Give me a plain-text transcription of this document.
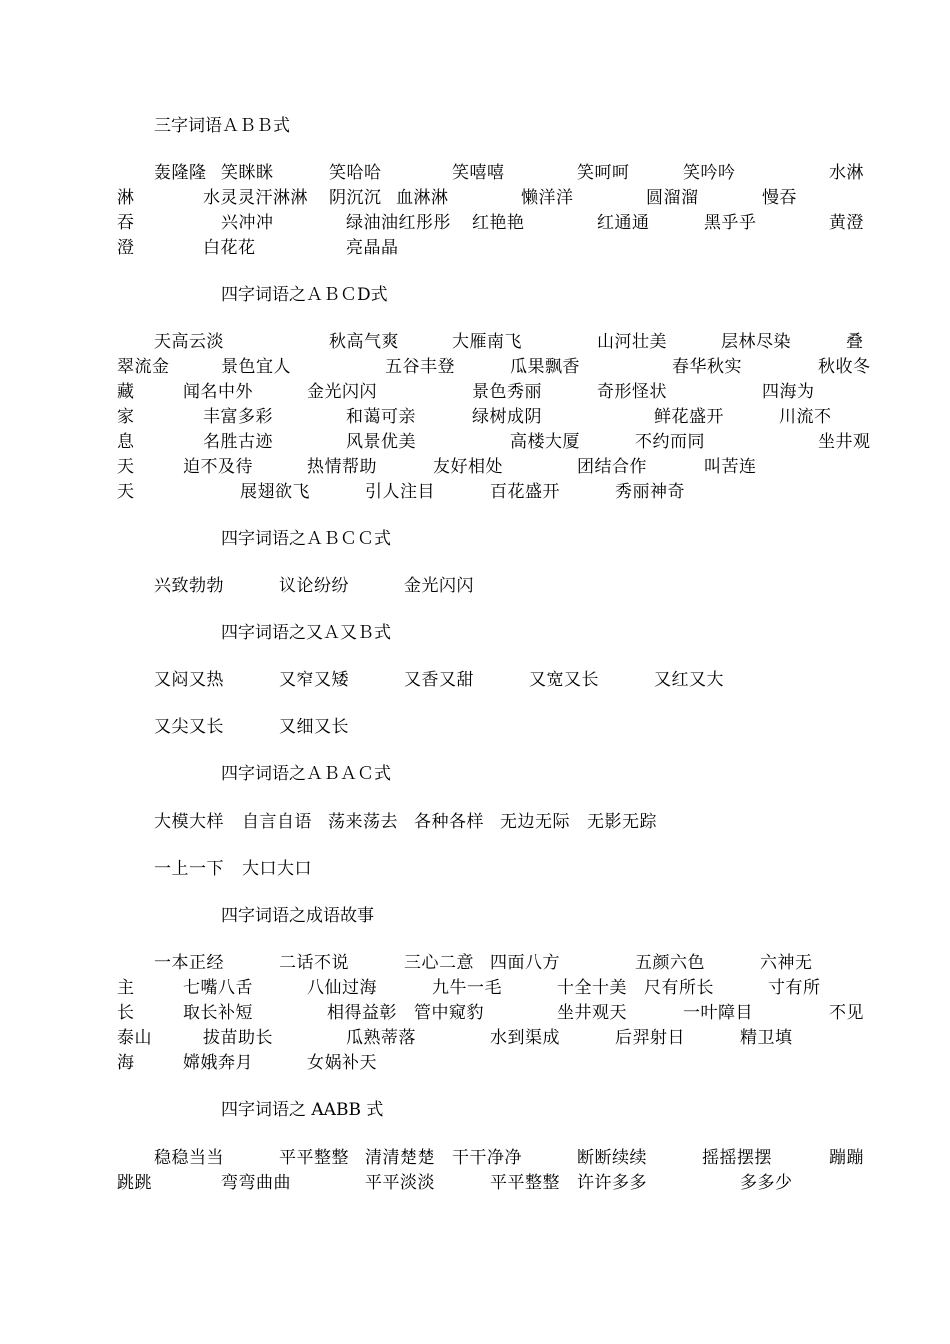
三字词语ＡＢＢ式
轰隆隆 笑眯眯	笑哈哈	笑嘻嘻	笑呵呵	笑吟吟	水淋
淋	水灵灵汗淋淋 阴沉沉 血淋淋	懒洋洋	圆溜溜	慢吞
吞	兴冲冲	绿油油红彤彤 红艳艳	红通通	黑乎乎	黄澄
澄	白花花	亮晶晶
四字词语之ＡＢＣD式
天高云淡	秋高气爽	大雁南飞	山河壮美	层林尽染	叠
翠流金	景色宜人	五谷丰登	瓜果飘香	春华秋实	秋收冬
藏	闻名中外	金光闪闪	景色秀丽	奇形怪状	四海为
家	丰富多彩	和蔼可亲	绿树成阴	鲜花盛开	川流不
息	名胜古迹	风景优美	高楼大厦	不约而同	坐井观
天	迫不及待	热情帮助	友好相处	团结合作	叫苦连
天	展翅欲飞	引人注目	百花盛开	秀丽神奇
四字词语之ＡＢＣＣ式
兴致勃勃	议论纷纷	金光闪闪
四字词语之又Ａ又Ｂ式
又闷又热	又窄又矮	又香又甜	又宽又长	又红又大
又尖又长	又细又长
四字词语之ＡＢＡＣ式
大模大样 自言自语 荡来荡去 各种各样 无边无际 无影无踪
一上一下 大口大口
四字词语之成语故事
一本正经	二话不说	三心二意 四面八方	五颜六色	六神无
主	七嘴八舌	八仙过海	九牛一毛	十全十美 尺有所长	寸有所
长	取长补短	相得益彰 管中窥豹	坐井观天	一叶障目	不见
泰山	拔苗助长	瓜熟蒂落	水到渠成	后羿射日	精卫填
海	嫦娥奔月	女娲补天
四字词语之 AABB 式
稳稳当当	平平整整 清清楚楚 干干净净	断断续续	摇摇摆摆	蹦蹦
跳跳	弯弯曲曲	平平淡淡	平平整整 许许多多	多多少
